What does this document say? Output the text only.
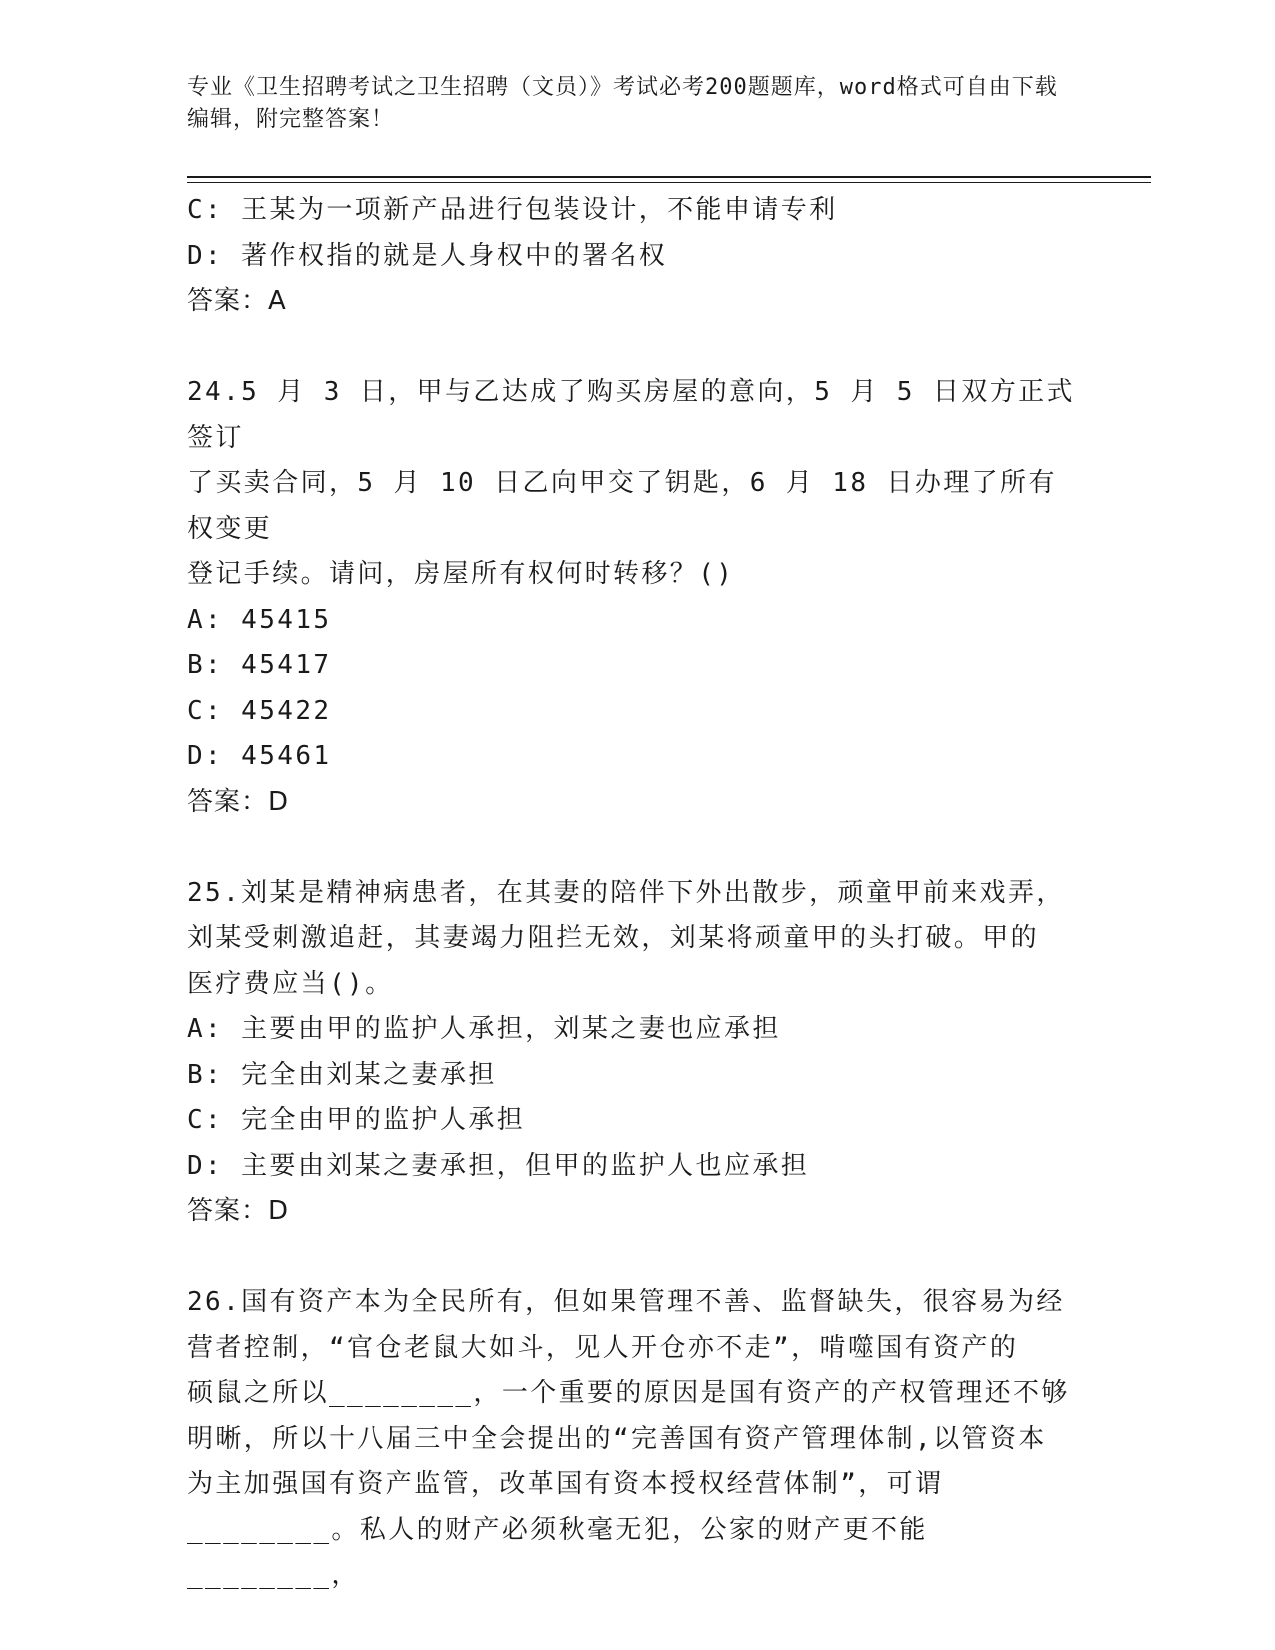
专业《卫生招聘考试之卫生招聘（文员）》考试必考200题题库，word格式可自由下载编辑，附完整答案！
C: 王某为一项新产品进行包装设计，不能申请专利
D: 著作权指的就是人身权中的署名权
答案：A
24.5 月 3 日，甲与乙达成了购买房屋的意向，5 月 5 日双方正式签订
了买卖合同，5 月 10 日乙向甲交了钥匙，6 月 18 日办理了所有权变更
登记手续。请问，房屋所有权何时转移？()
A: 45415
B: 45417
C: 45422
D: 45461
答案：D
25.刘某是精神病患者，在其妻的陪伴下外出散步，顽童甲前来戏弄，
刘某受刺激追赶，其妻竭力阻拦无效，刘某将顽童甲的头打破。甲的
医疗费应当()。
A: 主要由甲的监护人承担，刘某之妻也应承担
B: 完全由刘某之妻承担
C: 完全由甲的监护人承担
D: 主要由刘某之妻承担，但甲的监护人也应承担
答案：D
26.国有资产本为全民所有，但如果管理不善、监督缺失，很容易为经
营者控制，“官仓老鼠大如斗，见人开仓亦不走”，啃噬国有资产的
硕鼠之所以________，一个重要的原因是国有资产的产权管理还不够
明晰，所以十八届三中全会提出的“完善国有资产管理体制,以管资本
为主加强国有资产监管，改革国有资本授权经营体制”，可谓
________。私人的财产必须秋毫无犯，公家的财产更不能________，
